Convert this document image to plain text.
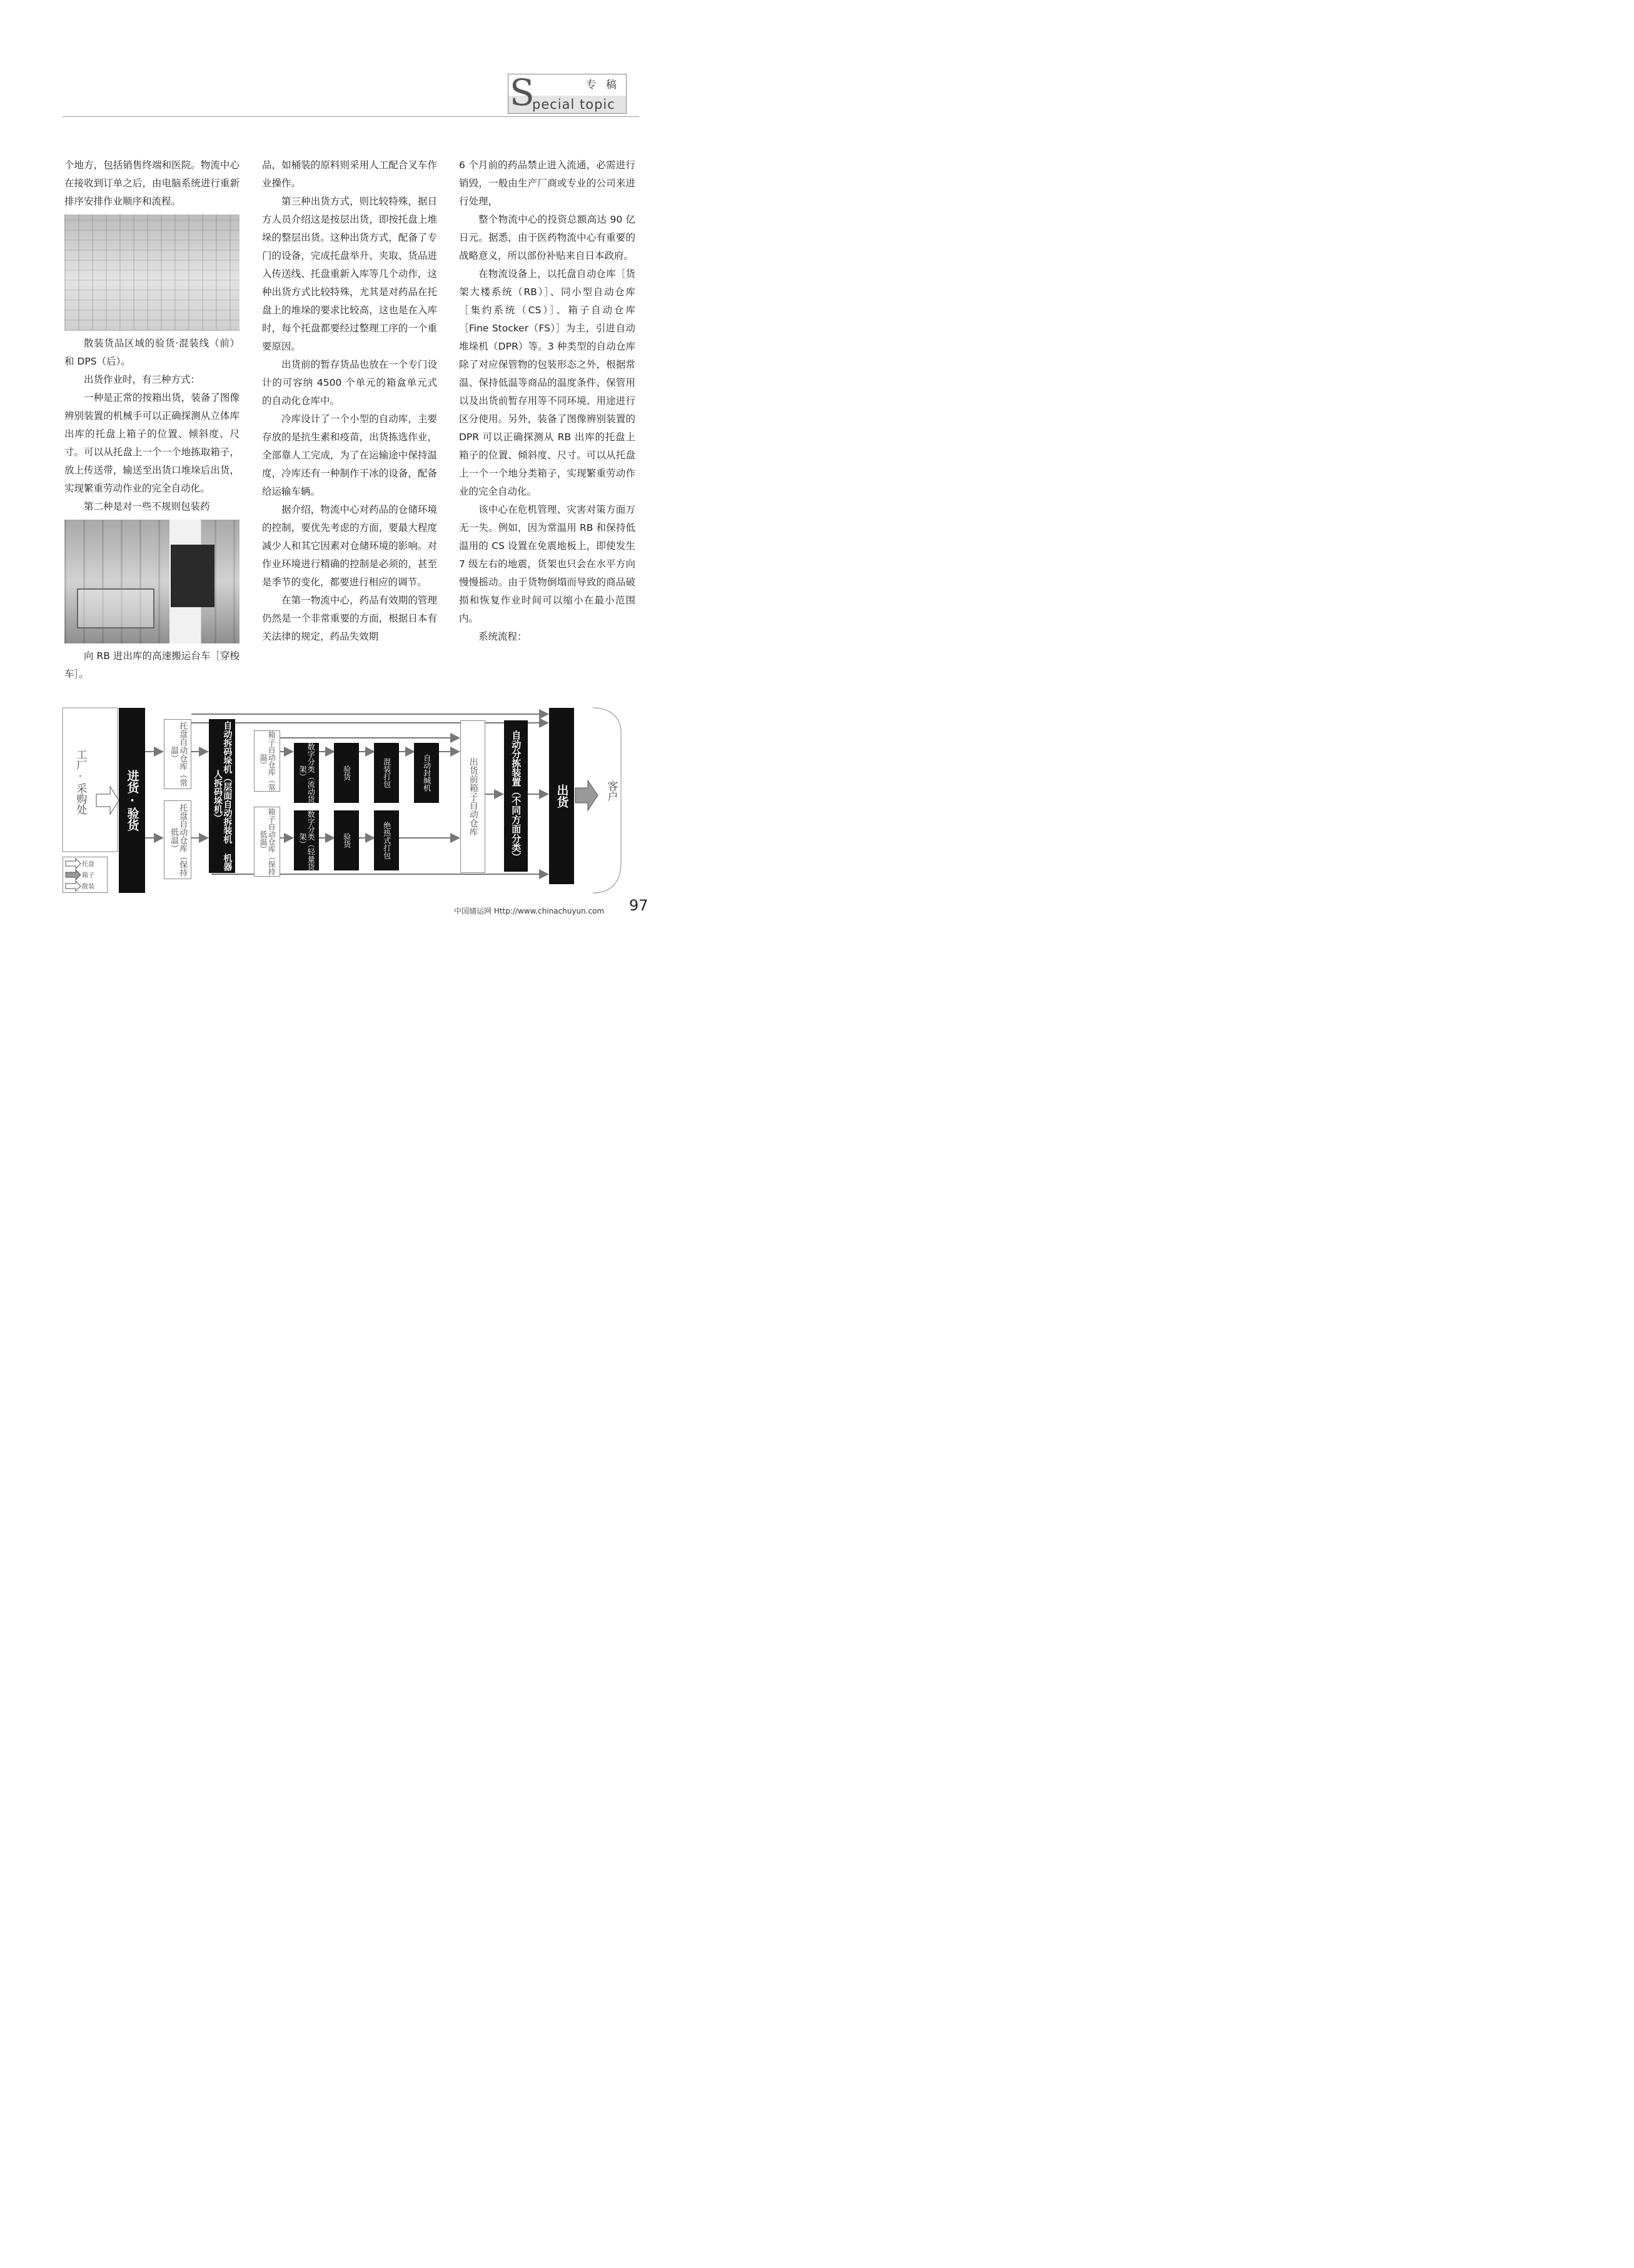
S	专 稿
pecial topic

个地方，包括销售终端和医院。物流中心在接收到订单之后，由电脑系统进行重新排序安排作业顺序和流程。

散装货品区域的验货·混装线（前）和 DPS（后）。

出货作业时，有三种方式：

一种是正常的按箱出货，装备了图像辨别装置的机械手可以正确探测从立体库出库的托盘上箱子的位置、倾斜度、尺寸。可以从托盘上一个一个地拣取箱子，放上传送带，输送至出货口堆垛后出货，实现繁重劳动作业的完全自动化。

第二种是对一些不规则包装药

向 RB 进出库的高速搬运台车［穿梭车］。

品，如桶装的原料则采用人工配合叉车作业操作。

第三种出货方式，则比较特殊，据日方人员介绍这是按层出货，即按托盘上堆垛的整层出货。这种出货方式，配备了专门的设备，完成托盘举升、夹取、货品进入传送线、托盘重新入库等几个动作，这种出货方式比较特殊，尤其是对药品在托盘上的堆垛的要求比较高，这也是在入库时，每个托盘都要经过整理工序的一个重要原因。

出货前的暂存货品也放在一个专门设计的可容纳 4500 个单元的箱盒单元式的自动化仓库中。

冷库设计了一个小型的自动库，主要存放的是抗生素和疫苗，出货拣选作业，全部靠人工完成，为了在运输途中保持温度，冷库还有一种制作干冰的设备，配备给运输车辆。

据介绍，物流中心对药品的仓储环境的控制，要优先考虑的方面，要最大程度减少人和其它因素对仓储环境的影响。对作业环境进行精确的控制是必须的，甚至是季节的变化，都要进行相应的调节。

在第一物流中心，药品有效期的管理仍然是一个非常重要的方面，根据日本有关法律的规定，药品失效期

6 个月前的药品禁止进入流通，必需进行销毁，一般由生产厂商或专业的公司来进行处理，

整个物流中心的投资总额高达 90 亿日元。据悉，由于医药物流中心有重要的战略意义，所以部份补贴来自日本政府。

在物流设备上，以托盘自动仓库［货架大楼系统（RB）］、同小型自动仓库［集约系统（CS）］、箱子自动仓库［Fine Stocker（FS）］为主，引进自动堆垛机（DPR）等。3 种类型的自动仓库除了对应保管物的包装形态之外，根据常温、保持低温等商品的温度条件、保管用以及出货前暂存用等不同环境、用途进行区分使用。另外，装备了图像辨别装置的 DPR 可以正确探测从 RB 出库的托盘上箱子的位置、倾斜度、尺寸。可以从托盘上一个一个地分类箱子，实现繁重劳动作业的完全自动化。

该中心在危机管理、灾害对策方面万无一失。例如，因为常温用 RB 和保持低温用的 CS 设置在免震地板上，即使发生 7 级左右的地震，货架也只会在水平方向慢慢摇动。由于货物倒塌而导致的商品破损和恢复作业时间可以缩小在最小范围内。

系统流程：

工厂·采购处	进货·验货
托盘自动仓库（常温）
托盘自动仓库（保持低温）	自动拆码垛机（层面自动拆装机 机器人拆码垛机）
箱子自动仓库（常温）
箱子自动仓库（保持低温）
数字分类（流动货架）
数字分类（轻量货架）
验货
验货
混装打包	自动封缄机
绝热式打包
出货前箱子自动仓库	自动分拣装置（不同方面分类）	出货	客户
托盘
箱子
散装
中国储运网 Http://www.chinachuyun.com 97
